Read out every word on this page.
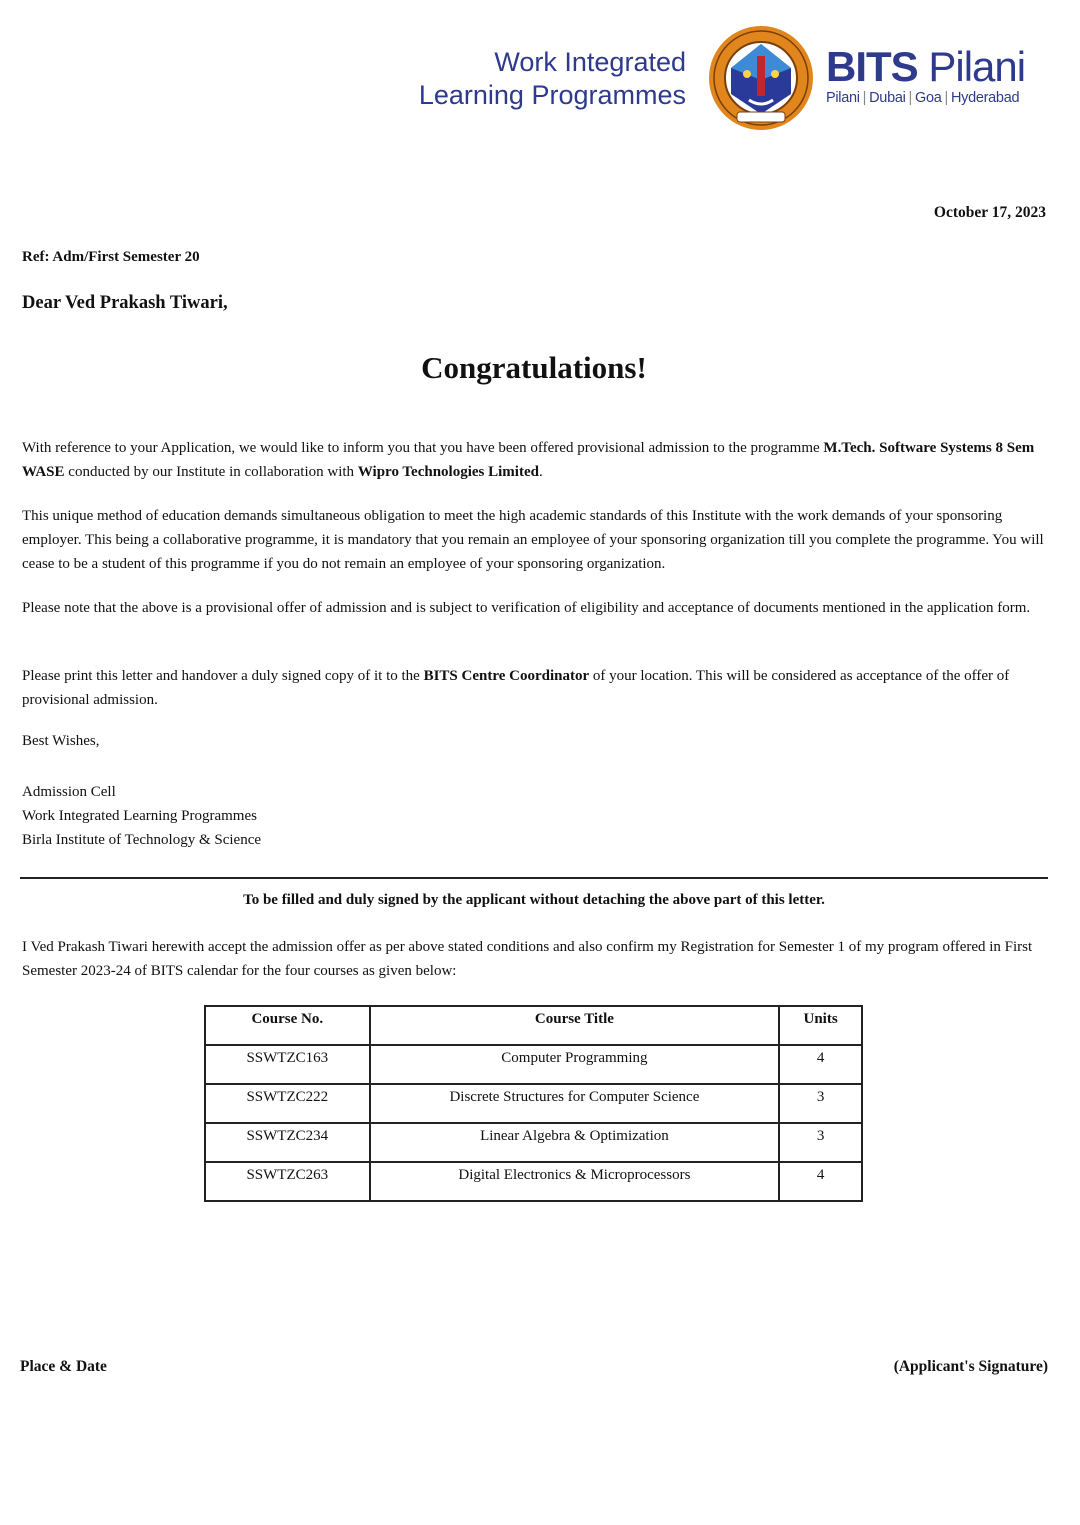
Work Integrated
Learning Programmes
BITS Pilani
Pilani | Dubai | Goa | Hyderabad
October 17, 2023
Ref: Adm/First Semester 20
Dear Ved Prakash Tiwari,
Congratulations!
With reference to your Application, we would like to inform you that you have been offered provisional admission to the programme M.Tech. Software Systems 8 Sem WASE conducted by our Institute in collaboration with Wipro Technologies Limited.
This unique method of education demands simultaneous obligation to meet the high academic standards of this Institute with the work demands of your sponsoring employer. This being a collaborative programme, it is mandatory that you remain an employee of your sponsoring organization till you complete the programme. You will cease to be a student of this programme if you do not remain an employee of your sponsoring organization.
Please note that the above is a provisional offer of admission and is subject to verification of eligibility and acceptance of documents mentioned in the application form.
Please print this letter and handover a duly signed copy of it to the BITS Centre Coordinator of your location. This will be considered as acceptance of the offer of provisional admission.
Best Wishes,
Admission Cell
Work Integrated Learning Programmes
Birla Institute of Technology & Science
To be filled and duly signed by the applicant without detaching the above part of this letter.
I Ved Prakash Tiwari herewith accept the admission offer as per above stated conditions and also confirm my Registration for Semester 1 of my program offered in First Semester 2023-24 of BITS calendar for the four courses as given below:
Course No.	Course Title	Units
SSWTZC163	Computer Programming	4
SSWTZC222	Discrete Structures for Computer Science	3
SSWTZC234	Linear Algebra & Optimization	3
SSWTZC263	Digital Electronics & Microprocessors	4
Place & Date	(Applicant's Signature)
